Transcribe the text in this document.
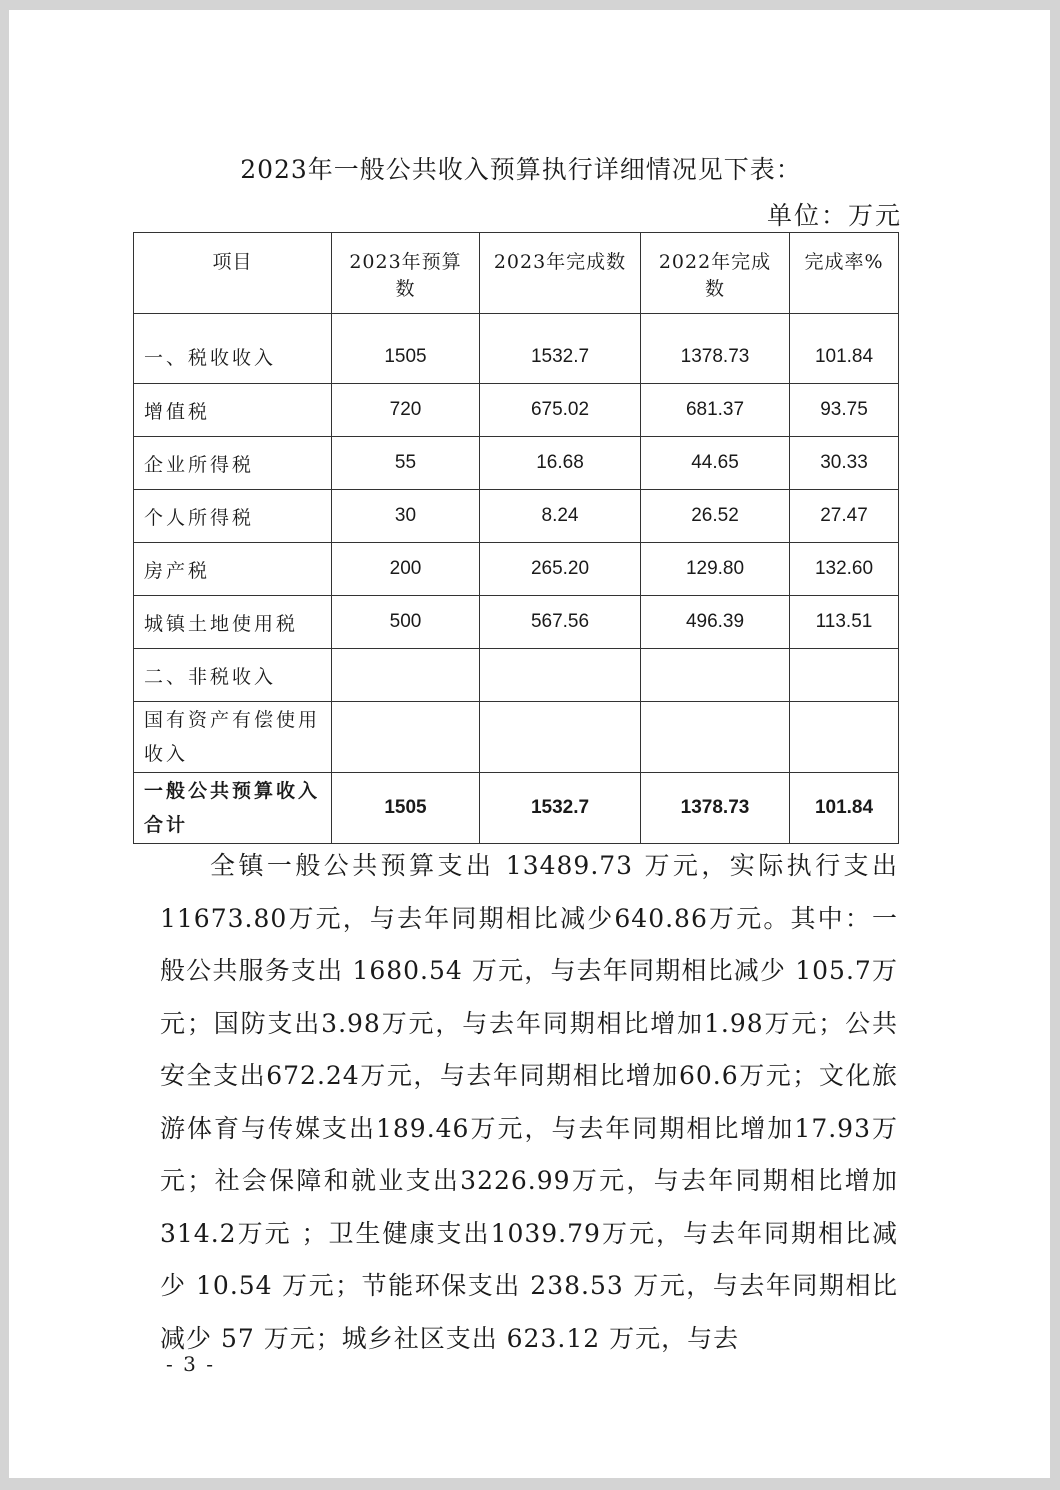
2023年一般公共收入预算执行详细情况见下表：
单位：万元
项目	2023年预算数	2023年完成数	2022年完成数	完成率%
一、税收收入	1505	1532.7	1378.73	101.84
增值税	720	675.02	681.37	93.75
企业所得税	55	16.68	44.65	30.33
个人所得税	30	8.24	26.52	27.47
房产税	200	265.20	129.80	132.60
城镇土地使用税	500	567.56	496.39	113.51
二、非税收入				
国有资产有偿使用收入				
一般公共预算收入合计	1505	1532.7	1378.73	101.84
全镇一般公共预算支出 13489.73 万元，实际执行支出11673.80万元，与去年同期相比减少640.86万元。其中：一般公共服务支出 1680.54 万元，与去年同期相比减少 105.7万元；国防支出3.98万元，与去年同期相比增加1.98万元；公共安全支出672.24万元，与去年同期相比增加60.6万元；文化旅游体育与传媒支出189.46万元，与去年同期相比增加17.93万元；社会保障和就业支出3226.99万元，与去年同期相比增加314.2万元 ；卫生健康支出1039.79万元，与去年同期相比减少 10.54 万元；节能环保支出 238.53 万元，与去年同期相比减少 57 万元；城乡社区支出 623.12 万元，与去
- 3 -
